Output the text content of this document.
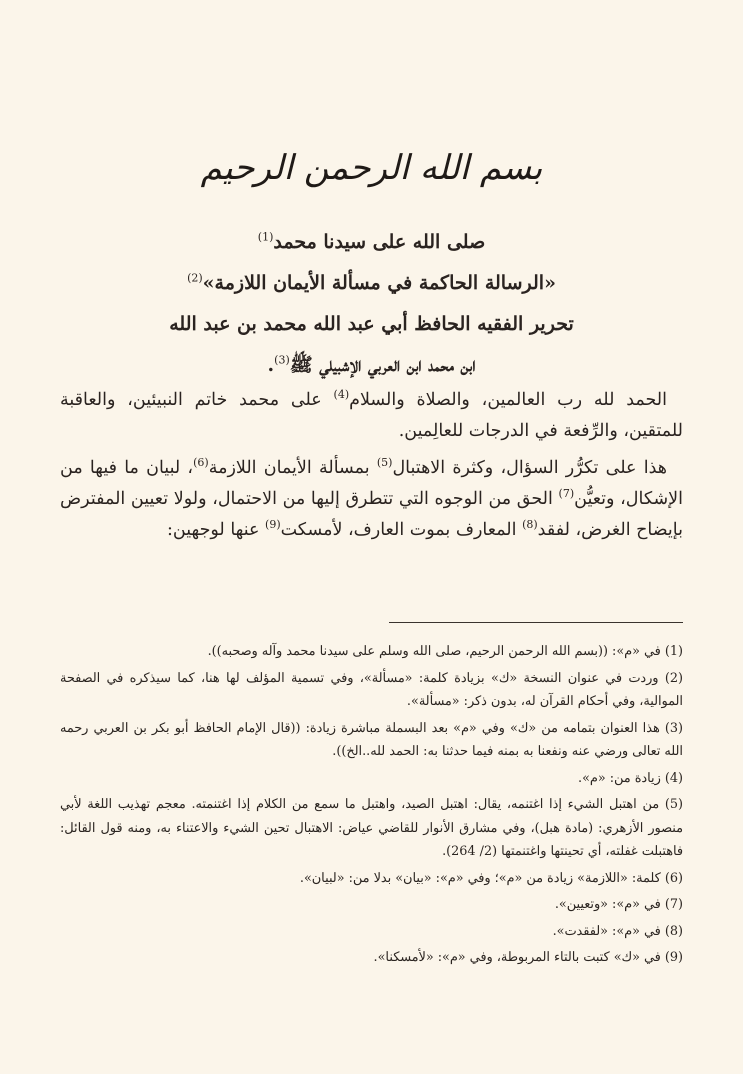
بسم الله الرحمن الرحيم
صلى الله على سيدنا محمد$^{(1)}$
«الرسالة الحاكمة في مسألة الأيمان اللازمة»$^{(2)}$
تحرير الفقيه الحافظ أبي عبد الله محمد بن عبد الله
ابن محمد ابن العربي الإشبيلي ﷺ$^{(3)}$.

الحمد لله رب العالمين، والصلاة والسلام$^{(4)}$ على محمد خاتم النبيئين، والعاقبة للمتقين، والرِّفعة في الدرجات للعالِمين.

هذا على تكرُّر السؤال، وكثرة الاهتبال$^{(5)}$ بمسألة الأيمان اللازمة$^{(6)}$، لبيان ما فيها من الإشكال، وتعيُّن$^{(7)}$ الحق من الوجوه التي تتطرق إليها من الاحتمال، ولولا تعيين المفترض بإيضاح الغرض، لفقد$^{(8)}$ المعارف بموت العارف، لأمسكت$^{(9)}$ عنها لوجهين:

(1) في «م»: ((بسم الله الرحمن الرحيم، صلى الله وسلم على سيدنا محمد وآله وصحبه)).
(2) وردت في عنوان النسخة «ك» بزيادة كلمة: «مسألة»، وفي تسمية المؤلف لها هنا، كما سيذكره في الصفحة الموالية، وفي أحكام القرآن له، بدون ذكر: «مسألة».
(3) هذا العنوان بتمامه من «ك» وفي «م» بعد البسملة مباشرة زيادة: ((قال الإمام الحافظ أبو بكر بن العربي رحمه الله تعالى ورضي عنه ونفعنا به بمنه فيما حدثنا به: الحمد لله..الخ)).
(4) زيادة من: «م».
(5) من اهتبل الشيء إذا اغتنمه، يقال: اهتبل الصيد، واهتبل ما سمع من الكلام إذا اغتنمته. معجم تهذيب اللغة لأبي منصور الأزهري: (مادة هبل)، وفي مشارق الأنوار للقاضي عياض: الاهتبال تحين الشيء والاعتناء به، ومنه قول القائل: فاهتبلت غفلته، أي تحينتها واغتنمتها (2/ 264).
(6) كلمة: «اللازمة» زيادة من «م»؛ وفي «م»: «بيان» بدلا من: «لبيان».
(7) في «م»: «وتعيين».
(8) في «م»: «لفقدت».
(9) في «ك» كتبت بالتاء المربوطة، وفي «م»: «لأمسكنا».
